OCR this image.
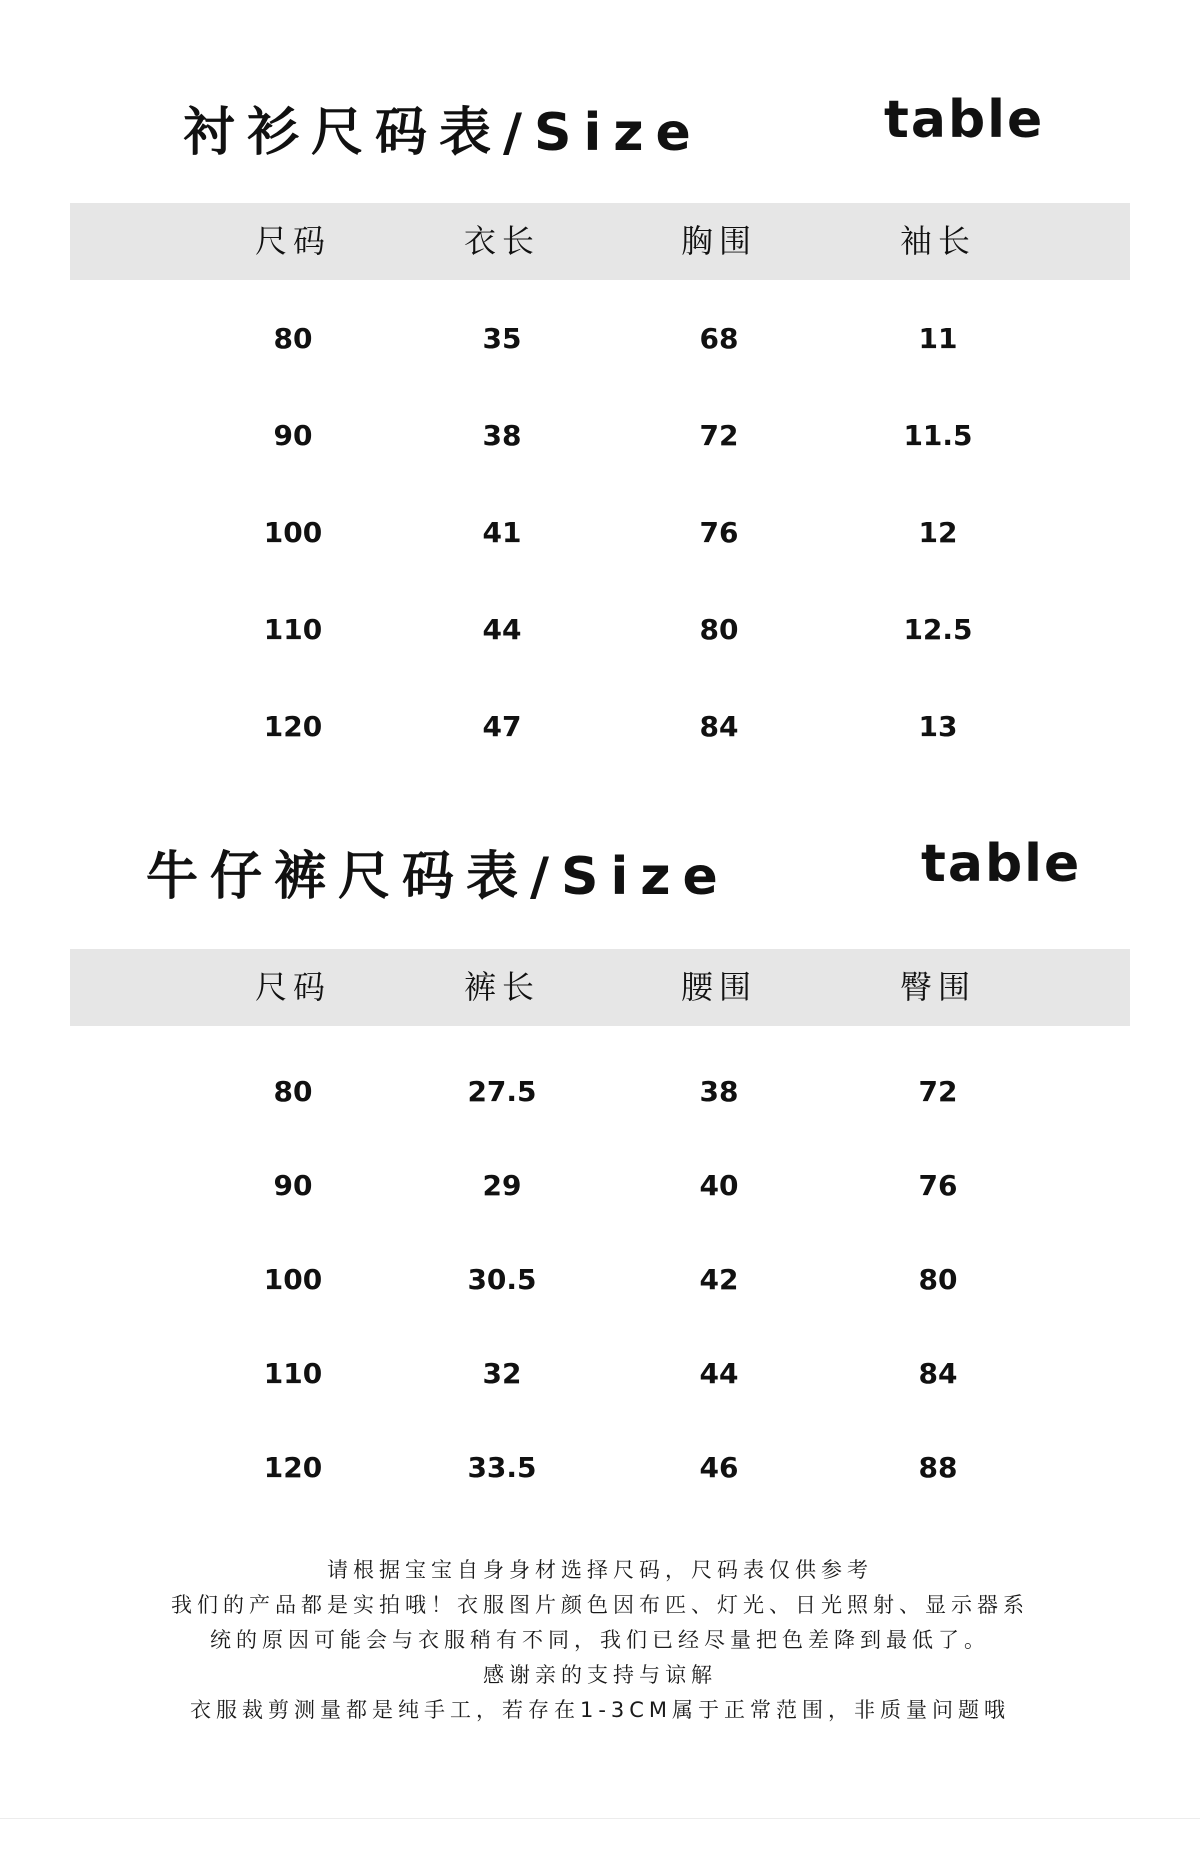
衬衫尺码表/Size	table
尺码	衣长	胸围	袖长
80	35	68	11
90	38	72	11.5
100	41	76	12
110	44	80	12.5
120	47	84	13
牛仔裤尺码表/Size	table
尺码	裤长	腰围	臀围
80	27.5	38	72
90	29	40	76
100	30.5	42	80
110	32	44	84
120	33.5	46	88
请根据宝宝自身身材选择尺码，尺码表仅供参考
我们的产品都是实拍哦！衣服图片颜色因布匹、灯光、日光照射、显示器系
统的原因可能会与衣服稍有不同，我们已经尽量把色差降到最低了。
感谢亲的支持与谅解
衣服裁剪测量都是纯手工，若存在1-3CM属于正常范围，非质量问题哦
